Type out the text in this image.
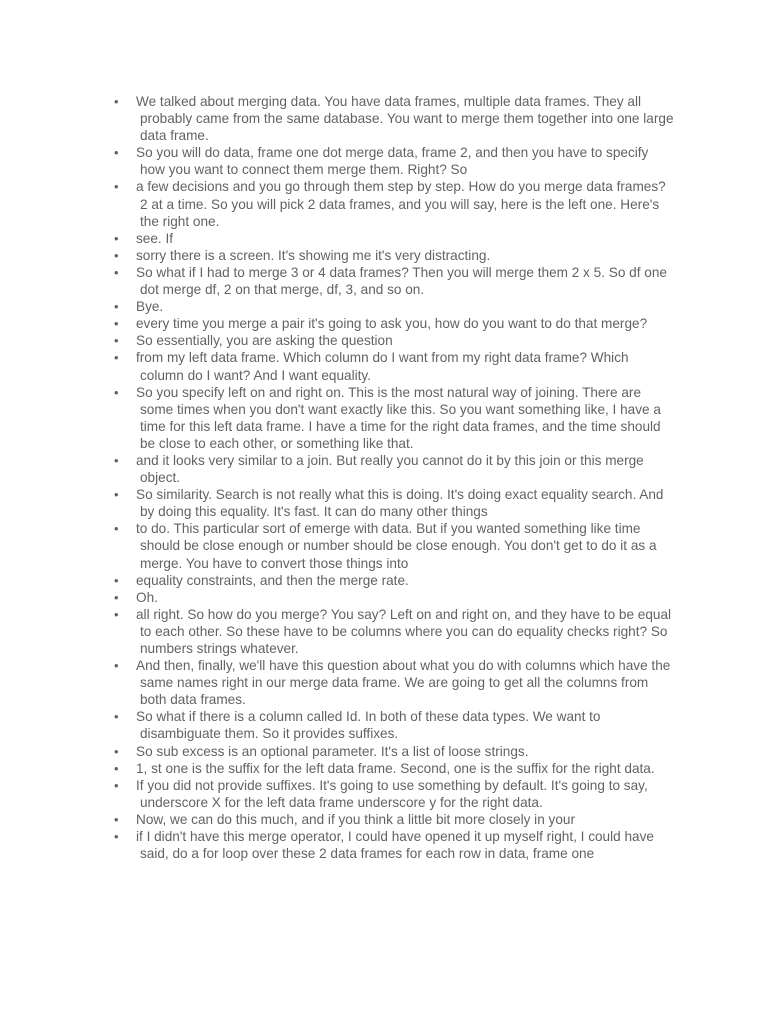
•	We talked about merging data. You have data frames, multiple data frames. They all probably came from the same database. You want to merge them together into one large data frame.
•	So you will do data, frame one dot merge data, frame 2, and then you have to specify how you want to connect them merge them. Right? So
•	a few decisions and you go through them step by step. How do you merge data frames? 2 at a time. So you will pick 2 data frames, and you will say, here is the left one. Here's the right one.
•	see. If
•	sorry there is a screen. It's showing me it's very distracting.
•	So what if I had to merge 3 or 4 data frames? Then you will merge them 2 x 5. So df one dot merge df, 2 on that merge, df, 3, and so on.
•	Bye.
•	every time you merge a pair it's going to ask you, how do you want to do that merge?
•	So essentially, you are asking the question
•	from my left data frame. Which column do I want from my right data frame? Which column do I want? And I want equality.
•	So you specify left on and right on. This is the most natural way of joining. There are some times when you don't want exactly like this. So you want something like, I have a time for this left data frame. I have a time for the right data frames, and the time should be close to each other, or something like that.
•	and it looks very similar to a join. But really you cannot do it by this join or this merge object.
•	So similarity. Search is not really what this is doing. It's doing exact equality search. And by doing this equality. It's fast. It can do many other things
•	to do. This particular sort of emerge with data. But if you wanted something like time should be close enough or number should be close enough. You don't get to do it as a merge. You have to convert those things into
•	equality constraints, and then the merge rate.
•	Oh.
•	all right. So how do you merge? You say? Left on and right on, and they have to be equal to each other. So these have to be columns where you can do equality checks right? So numbers strings whatever.
•	And then, finally, we'll have this question about what you do with columns which have the same names right in our merge data frame. We are going to get all the columns from both data frames.
•	So what if there is a column called Id. In both of these data types. We want to disambiguate them. So it provides suffixes.
•	So sub excess is an optional parameter. It's a list of loose strings.
•	1, st one is the suffix for the left data frame. Second, one is the suffix for the right data.
•	If you did not provide suffixes. It's going to use something by default. It's going to say, underscore X for the left data frame underscore y for the right data.
•	Now, we can do this much, and if you think a little bit more closely in your
•	if I didn't have this merge operator, I could have opened it up myself right, I could have said, do a for loop over these 2 data frames for each row in data, frame one
